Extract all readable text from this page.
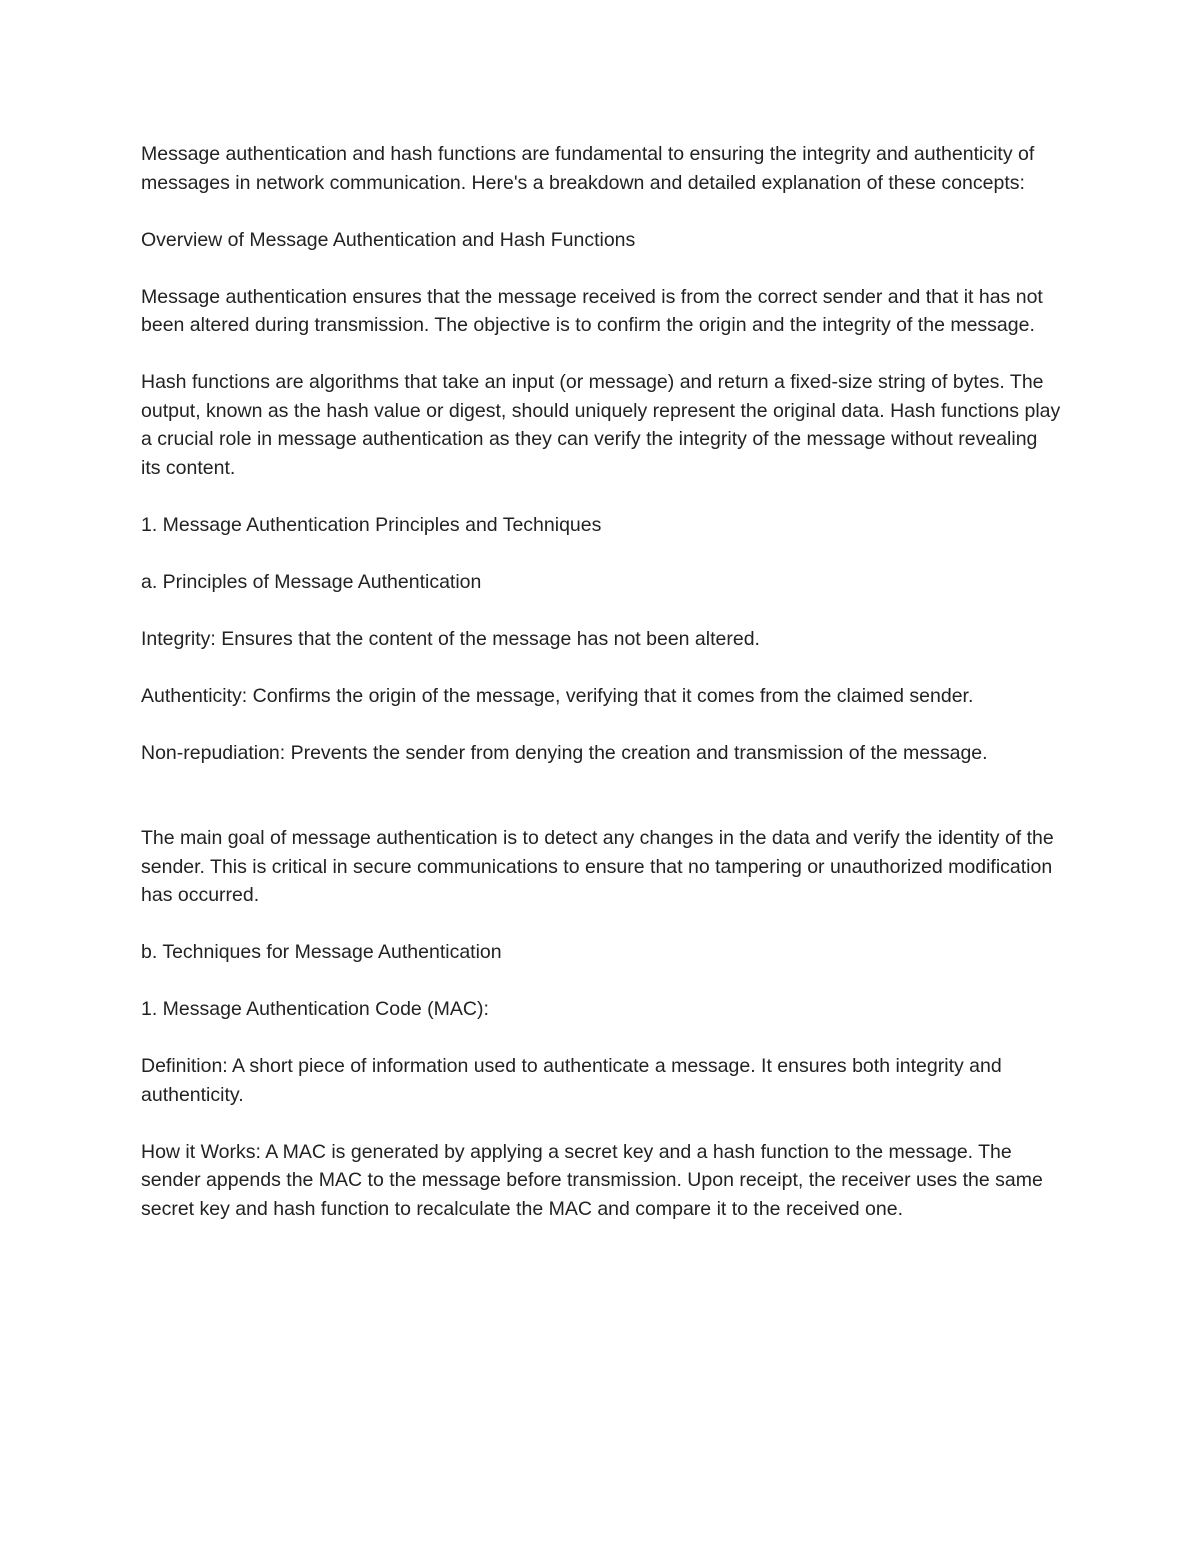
Message authentication and hash functions are fundamental to ensuring the integrity and authenticity of messages in network communication. Here's a breakdown and detailed explanation of these concepts:

Overview of Message Authentication and Hash Functions

Message authentication ensures that the message received is from the correct sender and that it has not been altered during transmission. The objective is to confirm the origin and the integrity of the message.

Hash functions are algorithms that take an input (or message) and return a fixed-size string of bytes. The output, known as the hash value or digest, should uniquely represent the original data. Hash functions play a crucial role in message authentication as they can verify the integrity of the message without revealing its content.

1. Message Authentication Principles and Techniques

a. Principles of Message Authentication

Integrity: Ensures that the content of the message has not been altered.

Authenticity: Confirms the origin of the message, verifying that it comes from the claimed sender.

Non-repudiation: Prevents the sender from denying the creation and transmission of the message.

The main goal of message authentication is to detect any changes in the data and verify the identity of the sender. This is critical in secure communications to ensure that no tampering or unauthorized modification has occurred.

b. Techniques for Message Authentication

1. Message Authentication Code (MAC):

Definition: A short piece of information used to authenticate a message. It ensures both integrity and authenticity.

How it Works: A MAC is generated by applying a secret key and a hash function to the message. The sender appends the MAC to the message before transmission. Upon receipt, the receiver uses the same secret key and hash function to recalculate the MAC and compare it to the received one.
